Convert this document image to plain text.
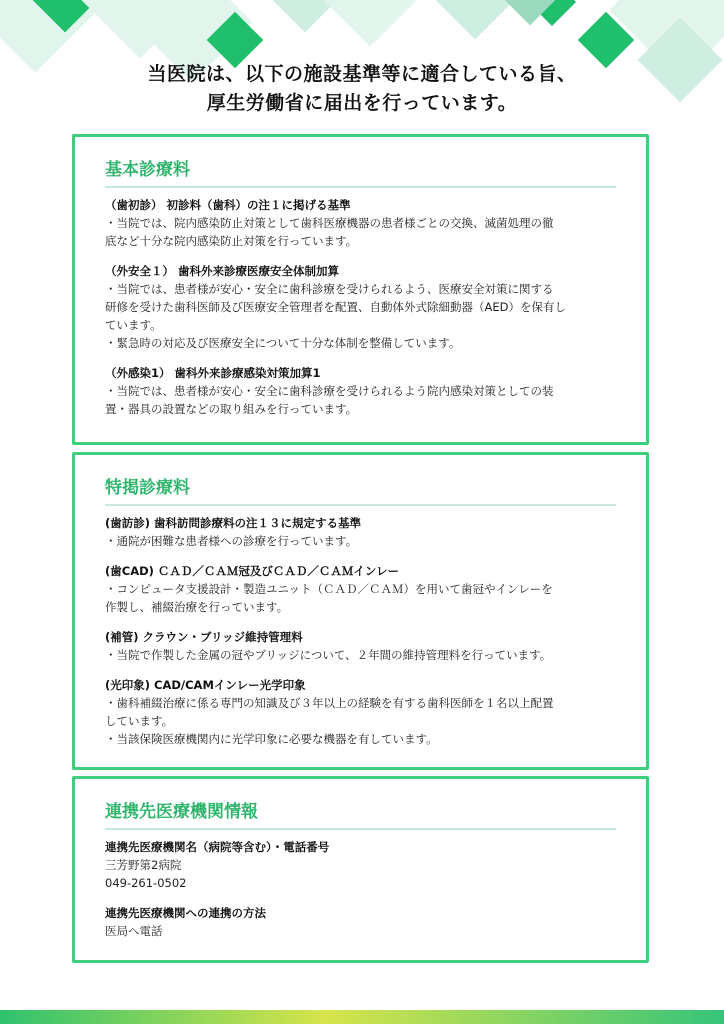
当医院は、以下の施設基準等に適合している旨、
厚生労働省に届出を行っています。
基本診療料
（歯初診） 初診料（歯科）の注１に掲げる基準
・当院では、院内感染防止対策として歯科医療機器の患者様ごとの交換、滅菌処理の徹
底など十分な院内感染防止対策を行っています。
（外安全１） 歯科外来診療医療安全体制加算
・当院では、患者様が安心・安全に歯科診療を受けられるよう、医療安全対策に関する
研修を受けた歯科医師及び医療安全管理者を配置、自動体外式除細動器（AED）を保有し
ています。
・緊急時の対応及び医療安全について十分な体制を整備しています。
（外感染1） 歯科外来診療感染対策加算1
・当院では、患者様が安心・安全に歯科診療を受けられるよう院内感染対策としての装
置・器具の設置などの取り組みを行っています。
特掲診療料
(歯訪診) 歯科訪問診療料の注１３に規定する基準
・通院が困難な患者様への診療を行っています。
(歯CAD) ＣＡＤ／ＣＡＭ冠及びＣＡＤ／ＣＡＭインレー
・コンピュータ支援設計・製造ユニット（ＣＡＤ／ＣＡＭ）を用いて歯冠やインレーを
作製し、補綴治療を行っています。
(補管) クラウン・ブリッジ維持管理料
・当院で作製した金属の冠やブリッジについて、２年間の維持管理料を行っています。
(光印象) CAD/CAMインレー光学印象
・歯科補綴治療に係る専門の知識及び３年以上の経験を有する歯科医師を１名以上配置
しています。
・当該保険医療機関内に光学印象に必要な機器を有しています。
連携先医療機関情報
連携先医療機関名（病院等含む）・電話番号
三芳野第2病院
049-261-0502
連携先医療機関への連携の方法
医局へ電話
